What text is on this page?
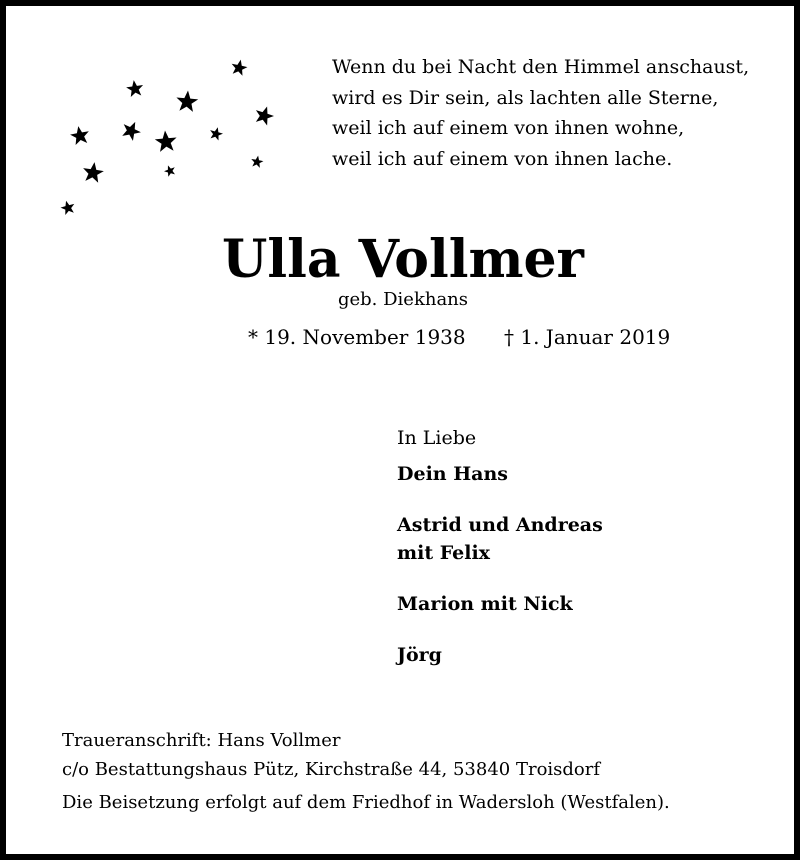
Wenn du bei Nacht den Himmel anschaust,
wird es Dir sein, als lachten alle Sterne,
weil ich auf einem von ihnen wohne,
weil ich auf einem von ihnen lache.
Ulla Vollmer
geb. Diekhans
* 19. November 1938 † 1. Januar 2019
In Liebe
Dein Hans
Astrid und Andreas
mit Felix
Marion mit Nick
Jörg
Traueranschrift: Hans Vollmer
c/o Bestattungshaus Pütz, Kirchstraße 44, 53840 Troisdorf
Die Beisetzung erfolgt auf dem Friedhof in Wadersloh (Westfalen).
